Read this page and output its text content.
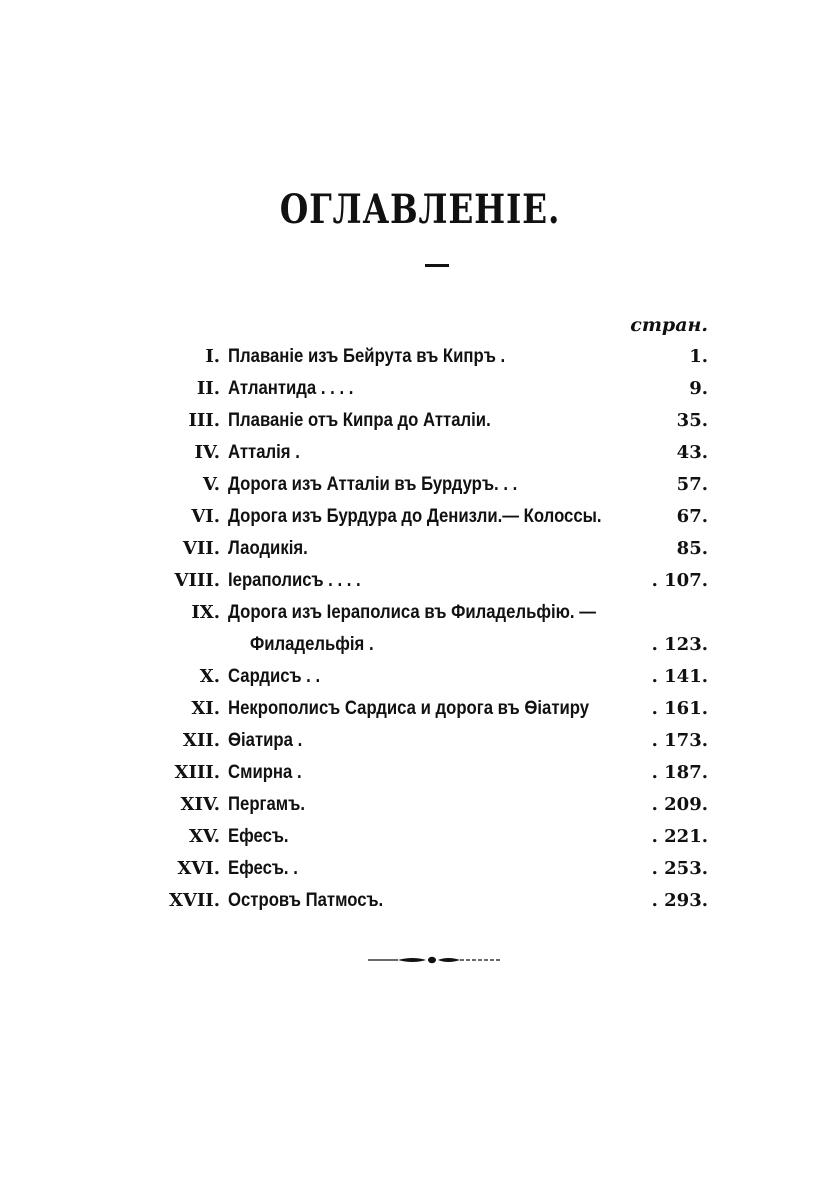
ОГЛАВЛЕНІЕ.
стран.
I. Плаваніе изъ Бейрута въ Кипръ .	1.
II. Атлантида . . . .	9.
III. Плаваніе отъ Кипра до Атталіи.	35.
IV. Атталія .	43.
V. Дорога изъ Атталіи въ Бурдуръ. . .	57.
VI. Дорога изъ Бурдура до Денизли.— Колоссы.	67.
VII. Лаодикія.	85.
VIII. Іераполисъ . . . .	. 107.
IX. Дорога изъ Іераполиса въ Филадельфію. —
Филадельфія .	. 123.
X. Сардисъ . .	. 141.
XI. Некрополисъ Сардиса и дорога въ Ѳіатиру	. 161.
XII. Ѳіатира .	. 173.
XIII. Смирна .	. 187.
XIV. Пергамъ.	. 209.
XV. Ефесъ.	. 221.
XVI. Ефесъ. .	. 253.
XVII. Островъ Патмосъ.	. 293.
